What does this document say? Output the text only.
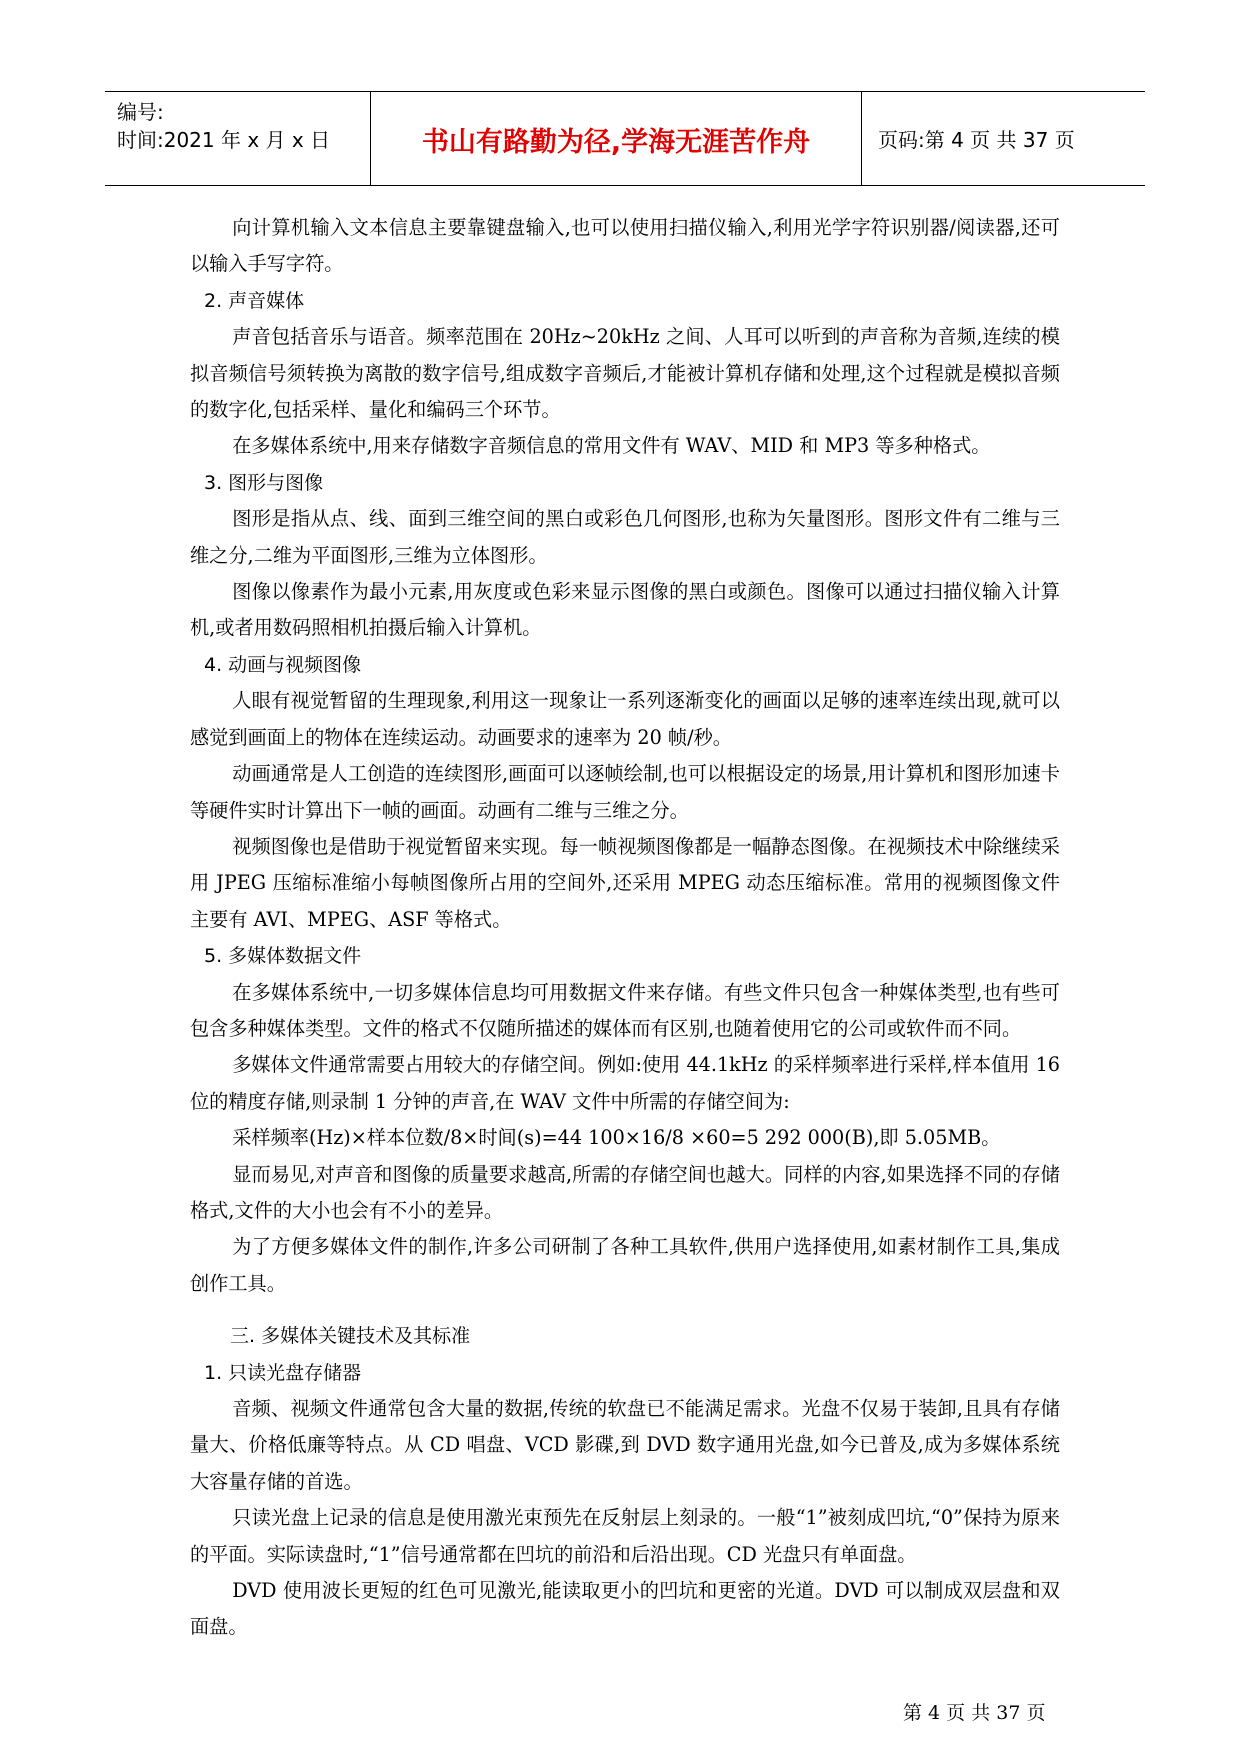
编号:
时间:2021 年 x 月 x 日	书山有路勤为径,学海无涯苦作舟	页码:第 4 页 共 37 页

向计算机输入文本信息主要靠键盘输入,也可以使用扫描仪输入,利用光学字符识别器/阅读器,还可以输入手写字符。

2. 声音媒体

声音包括音乐与语音。频率范围在 20Hz~20kHz 之间、人耳可以听到的声音称为音频,连续的模拟音频信号须转换为离散的数字信号,组成数字音频后,才能被计算机存储和处理,这个过程就是模拟音频的数字化,包括采样、量化和编码三个环节。

在多媒体系统中,用来存储数字音频信息的常用文件有 WAV、MID 和 MP3 等多种格式。

3. 图形与图像

图形是指从点、线、面到三维空间的黑白或彩色几何图形,也称为矢量图形。图形文件有二维与三维之分,二维为平面图形,三维为立体图形。

图像以像素作为最小元素,用灰度或色彩来显示图像的黑白或颜色。图像可以通过扫描仪输入计算机,或者用数码照相机拍摄后输入计算机。

4. 动画与视频图像

人眼有视觉暂留的生理现象,利用这一现象让一系列逐渐变化的画面以足够的速率连续出现,就可以感觉到画面上的物体在连续运动。动画要求的速率为 20 帧/秒。

动画通常是人工创造的连续图形,画面可以逐帧绘制,也可以根据设定的场景,用计算机和图形加速卡等硬件实时计算出下一帧的画面。动画有二维与三维之分。

视频图像也是借助于视觉暂留来实现。每一帧视频图像都是一幅静态图像。在视频技术中除继续采用 JPEG 压缩标准缩小每帧图像所占用的空间外,还采用 MPEG 动态压缩标准。常用的视频图像文件主要有 AVI、MPEG、ASF 等格式。

5. 多媒体数据文件

在多媒体系统中,一切多媒体信息均可用数据文件来存储。有些文件只包含一种媒体类型,也有些可包含多种媒体类型。文件的格式不仅随所描述的媒体而有区别,也随着使用它的公司或软件而不同。

多媒体文件通常需要占用较大的存储空间。例如:使用 44.1kHz 的采样频率进行采样,样本值用 16 位的精度存储,则录制 1 分钟的声音,在 WAV 文件中所需的存储空间为:

采样频率(Hz)×样本位数/8×时间(s)=44 100×16/8 ×60=5 292 000(B),即 5.05MB。

显而易见,对声音和图像的质量要求越高,所需的存储空间也越大。同样的内容,如果选择不同的存储格式,文件的大小也会有不小的差异。

为了方便多媒体文件的制作,许多公司研制了各种工具软件,供用户选择使用,如素材制作工具,集成创作工具。

三. 多媒体关键技术及其标准

1. 只读光盘存储器

音频、视频文件通常包含大量的数据,传统的软盘已不能满足需求。光盘不仅易于装卸,且具有存储量大、价格低廉等特点。从 CD 唱盘、VCD 影碟,到 DVD 数字通用光盘,如今已普及,成为多媒体系统大容量存储的首选。

只读光盘上记录的信息是使用激光束预先在反射层上刻录的。一般“1”被刻成凹坑,“0”保持为原来的平面。实际读盘时,“1”信号通常都在凹坑的前沿和后沿出现。CD 光盘只有单面盘。

DVD 使用波长更短的红色可见激光,能读取更小的凹坑和更密的光道。DVD 可以制成双层盘和双面盘。

第 4 页 共 37 页
